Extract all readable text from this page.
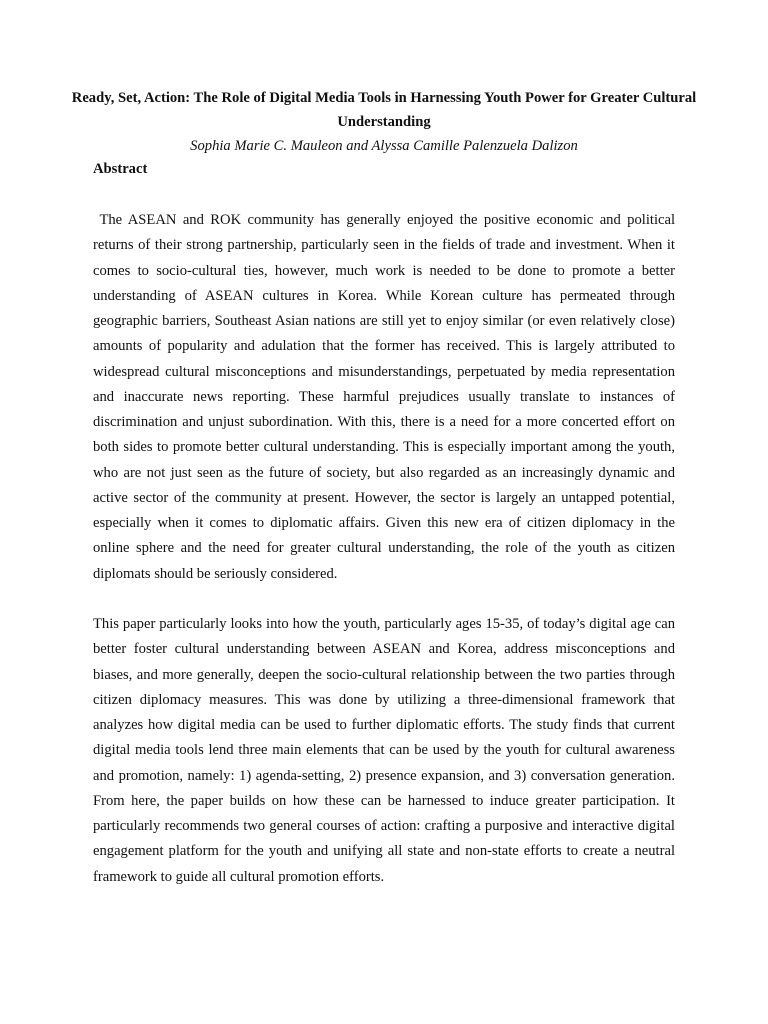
Ready, Set, Action: The Role of Digital Media Tools in Harnessing Youth Power for Greater Cultural Understanding

Sophia Marie C. Mauleon and Alyssa Camille Palenzuela Dalizon

Abstract

The ASEAN and ROK community has generally enjoyed the positive economic and political returns of their strong partnership, particularly seen in the fields of trade and investment. When it comes to socio-cultural ties, however, much work is needed to be done to promote a better understanding of ASEAN cultures in Korea. While Korean culture has permeated through geographic barriers, Southeast Asian nations are still yet to enjoy similar (or even relatively close) amounts of popularity and adulation that the former has received. This is largely attributed to widespread cultural misconceptions and misunderstandings, perpetuated by media representation and inaccurate news reporting. These harmful prejudices usually translate to instances of discrimination and unjust subordination. With this, there is a need for a more concerted effort on both sides to promote better cultural understanding. This is especially important among the youth, who are not just seen as the future of society, but also regarded as an increasingly dynamic and active sector of the community at present. However, the sector is largely an untapped potential, especially when it comes to diplomatic affairs. Given this new era of citizen diplomacy in the online sphere and the need for greater cultural understanding, the role of the youth as citizen diplomats should be seriously considered.

This paper particularly looks into how the youth, particularly ages 15-35, of today’s digital age can better foster cultural understanding between ASEAN and Korea, address misconceptions and biases, and more generally, deepen the socio-cultural relationship between the two parties through citizen diplomacy measures. This was done by utilizing a three-dimensional framework that analyzes how digital media can be used to further diplomatic efforts. The study finds that current digital media tools lend three main elements that can be used by the youth for cultural awareness and promotion, namely: 1) agenda-setting, 2) presence expansion, and 3) conversation generation. From here, the paper builds on how these can be harnessed to induce greater participation. It particularly recommends two general courses of action: crafting a purposive and interactive digital engagement platform for the youth and unifying all state and non-state efforts to create a neutral framework to guide all cultural promotion efforts.
